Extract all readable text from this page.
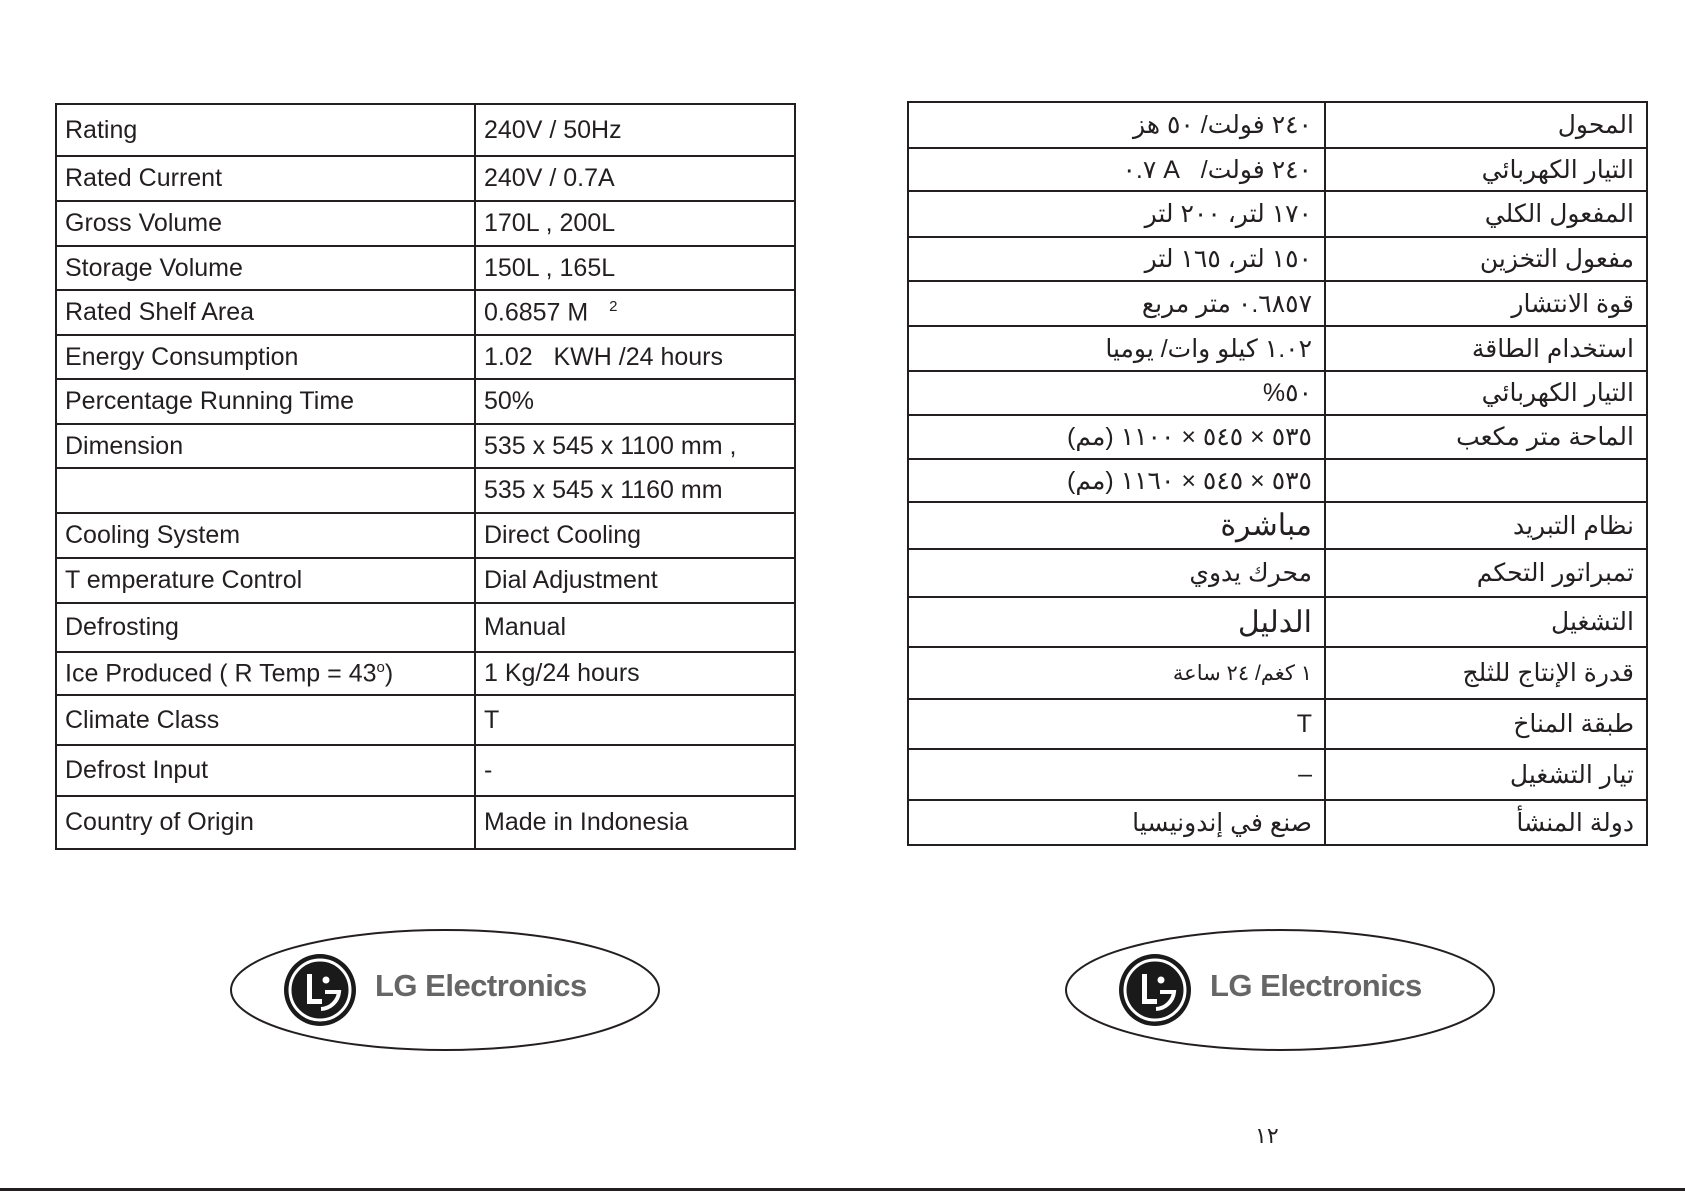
Rating	240V / 50Hz
Rated Current	240V / 0.7A
Gross Volume	170L , 200L
Storage Volume	150L , 165L
Rated Shelf Area	0.6857 M $^2$
Energy Consumption	1.02   KWH /24 hours
Percentage Running Time	50%
Dimension	535 x 545 x 1100 mm ,
	535 x 545 x 1160 mm
Cooling System	Direct Cooling
T emperature Control	Dial Adjustment
Defrosting	Manual
Ice Produced ( R Temp = $43^o$)	1 Kg/24 hours
Climate Class	T
Defrost Input	-
Country of Origin	Made in Indonesia
٢٤٠ فولت/ ٥٠ هز	المحول
٢٤٠ فولت/   A ٠.٧	التيار الكهربائي
١٧٠ لتر، ٢٠٠ لتر	المفعول الكلي
١٥٠ لتر، ١٦٥ لتر	مفعول التخزين
٠.٦٨٥٧ متر مربع	قوة الانتشار
١.٠٢ كيلو وات/ يوميا	استخدام الطاقة
٥٠%	التيار الكهربائي
٥٣٥ × ٥٤٥ × ١١٠٠ (مم)	الماحة متر مكعب
٥٣٥ × ٥٤٥ × ١١٦٠ (مم)	
مباشرة	نظام التبريد
محرك يدوي	تمبراتور التحكم
الدليل	التشغيل
١ كغم/ ٢٤ ساعة	قدرة الإنتاج للثلج
T	طبقة المناخ
–	تيار التشغيل
صنع في إندونيسيا	دولة المنشأ
LG Electronics	LG Electronics
١٢
